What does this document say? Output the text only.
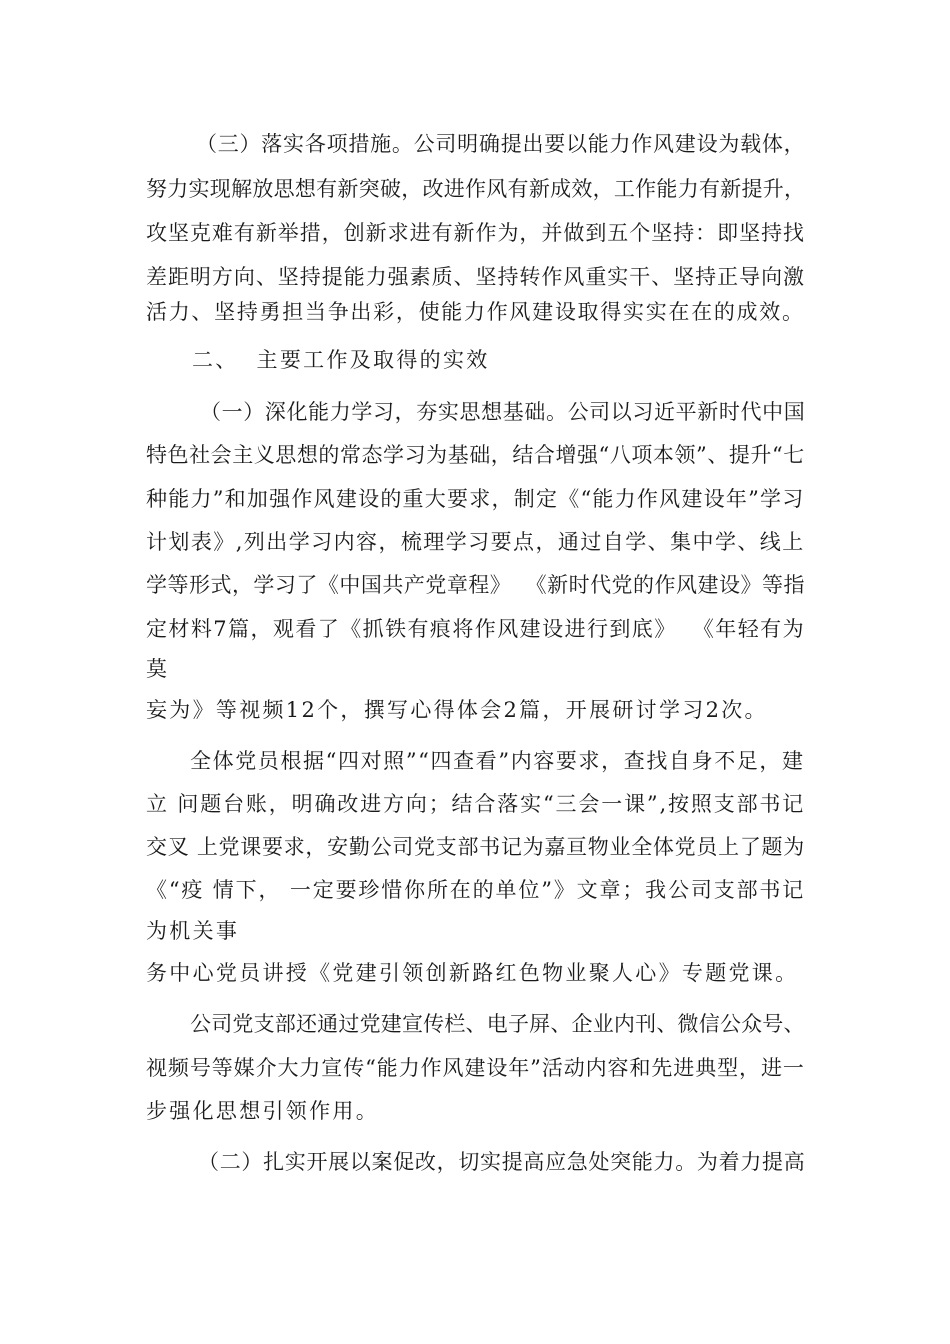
（三）落实各项措施。公司明确提出要以能力作风建设为载体，
努力实现解放思想有新突破，改进作风有新成效，工作能力有新提升，
攻坚克难有新举措，创新求进有新作为，并做到五个坚持：即坚持找
差距明方向、坚持提能力强素质、坚持转作风重实干、坚持正导向激
活力、坚持勇担当争出彩，使能力作风建设取得实实在在的成效。
二、  主要工作及取得的实效
（一）深化能力学习，夯实思想基础。公司以习近平新时代中国
特色社会主义思想的常态学习为基础，结合增强“八项本领”、提升“七
种能力”和加强作风建设的重大要求，制定《“能力作风建设年”学习
计划表》,列出学习内容，梳理学习要点，通过自学、集中学、线上
学等形式，学习了《中国共产党章程》  《新时代党的作风建设》等指
定材料7篇，观看了《抓铁有痕将作风建设进行到底》  《年轻有为
莫
妄为》等视频12个，撰写心得体会2篇，开展研讨学习2次。
全体党员根据“四对照”“四查看”内容要求，查找自身不足，建
立 问题台账，明确改进方向；结合落实“三会一课”,按照支部书记
交叉 上党课要求，安勤公司党支部书记为嘉亘物业全体党员上了题为
《“疫 情下， 一定要珍惜你所在的单位”》文章；我公司支部书记
为机关事
务中心党员讲授《党建引领创新路红色物业聚人心》专题党课。
公司党支部还通过党建宣传栏、电子屏、企业内刊、微信公众号、
视频号等媒介大力宣传“能力作风建设年”活动内容和先进典型，进一
步强化思想引领作用。
（二）扎实开展以案促改，切实提高应急处突能力。为着力提高
